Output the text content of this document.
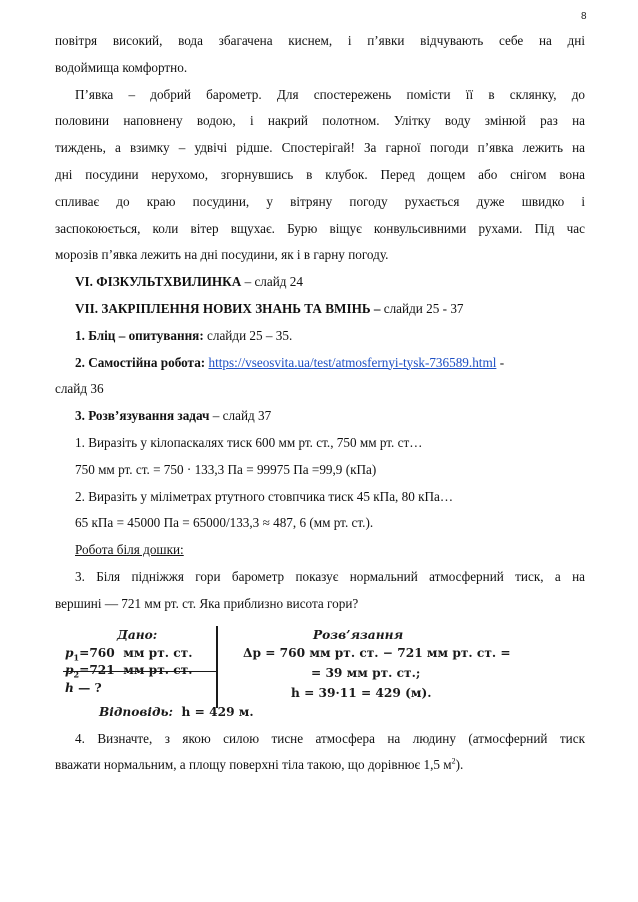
8

повітря високий, вода збагачена киснем, і п’явки відчувають себе на дні

водоймища комфортно.

П’явка – добрий барометр. Для спостережень помісти її в склянку, до

половини наповнену водою, і накрий полотном. Улітку воду змінюй раз на

тиждень, а взимку – удвічі рідше. Спостерігай! За гарної погоди п’явка лежить на

дні посудини нерухомо, згорнувшись в клубок. Перед дощем або снігом вона

спливає до краю посудини, у вітряну погоду рухається дуже швидко і

заспокоюється, коли вітер вщухає. Бурю віщує конвульсивними рухами. Під час

морозів п’явка лежить на дні посудини, як і в гарну погоду.

VI. ФІЗКУЛЬТХВИЛИНКА – слайд 24

VII. ЗАКРІПЛЕННЯ НОВИХ ЗНАНЬ ТА ВМІНЬ – слайди 25 - 37

1. Бліц – опитування: слайди 25 – 35.

2. Самостійна робота: https://vseosvita.ua/test/atmosfernyi-tysk-736589.html -

слайд 36

3. Розв’язування задач – слайд 37

1. Виразіть у кілопаскалях тиск 600 мм рт. ст., 750 мм рт. ст…

750 мм рт. ст. = 750 · 133,3 Па = 99975 Па =99,9 (кПа)

2. Виразіть у міліметрах ртутного стовпчика тиск 45 кПа, 80 кПа…

65 кПа = 45000 Па = 65000/133,3 ≈ 487, 6 (мм рт. ст.).

Робота біля дошки:

3. Біля підніжжя гори барометр показує нормальний атмосферний тиск, а на

вершині — 721 мм рт. ст. Яка приблизно висота гори?

Дано:
$p_1=760$ мм рт. ст.
$p_2=721$ мм рт. ст.
h — ?
Відповідь: h = 429 м.
Розв’язання
Δp = 760 мм рт. ст. − 721 мм рт. ст. =
= 39 мм рт. ст.;
h = 39·11 = 429 (м).

4. Визначте, з якою силою тисне атмосфера на людину (атмосферний тиск

вважати нормальним, а площу поверхні тіла такою, що дорівнює 1,5 $м^2$).
